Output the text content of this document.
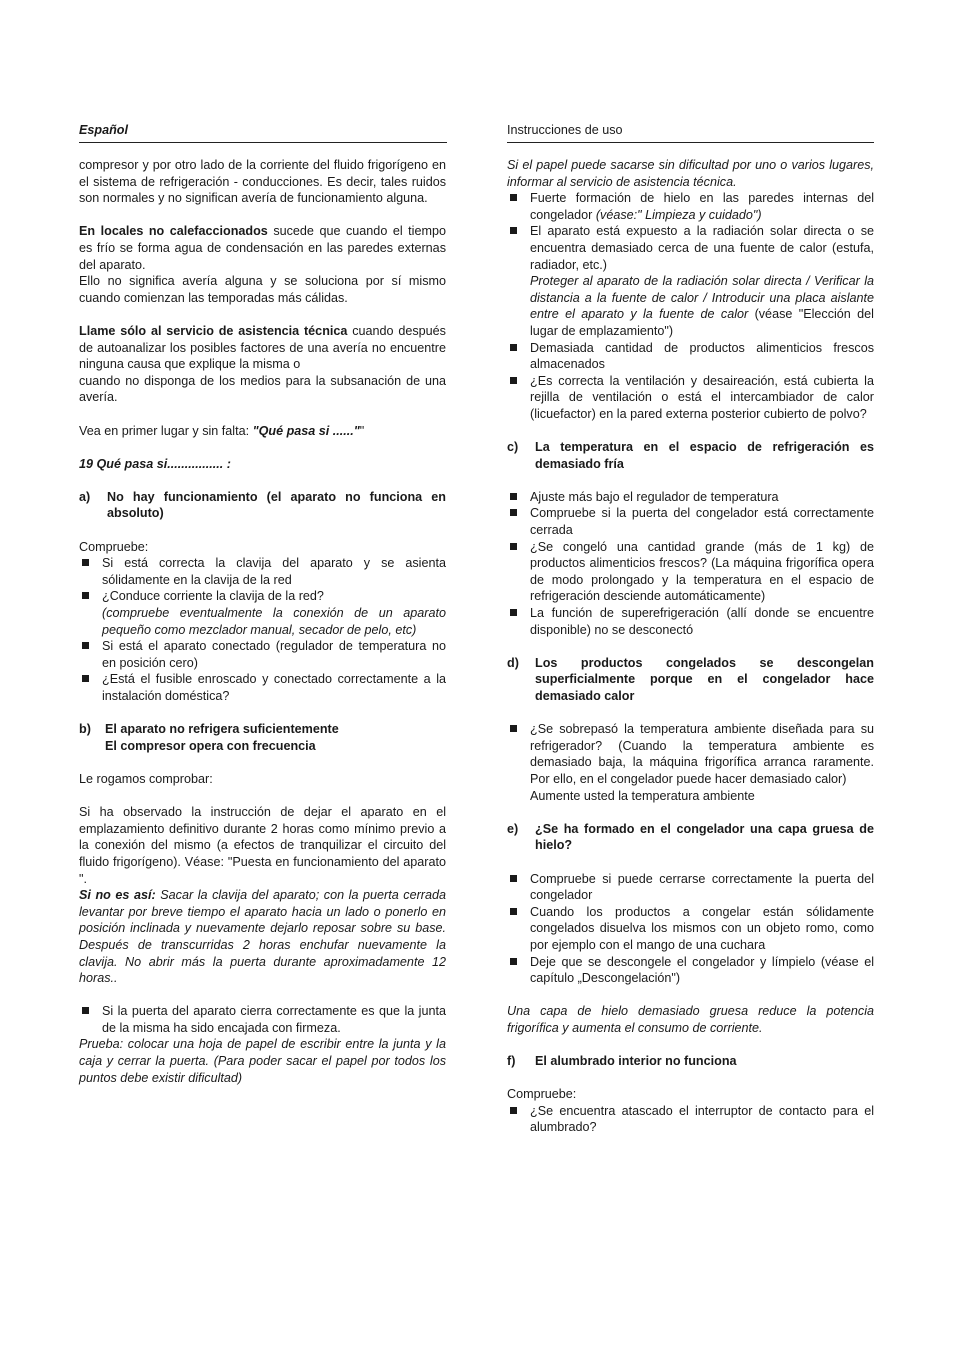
Español	Instrucciones de uso

compresor y por otro lado de la corriente del fluido frigorígeno en el sistema de refrigeración - conducciones. Es decir, tales ruidos son normales y no significan avería de funcionamiento alguna.

En locales no calefaccionados sucede que cuando el tiempo es frío se forma agua de condensación en las paredes externas del aparato.

Ello no significa avería alguna y se soluciona por sí mismo cuando comienzan las temporadas más cálidas.

Llame sólo al servicio de asistencia técnica cuando después de autoanalizar los posibles factores de una avería no encuentre ninguna causa que explique la misma o

cuando no disponga de los medios para la subsanación de una avería.

Vea en primer lugar y sin falta: "Qué pasa si ......""

19 Qué pasa si................ :

a)	No hay funcionamiento (el aparato no funciona en absoluto)

Compruebe:

Si está correcta la clavija del aparato y se asienta sólidamente en la clavija de la red
¿Conduce corriente la clavija de la red?
(compruebe eventualmente la conexión de un aparato pequeño como mezclador manual, secador de pelo, etc)
Si está el aparato conectado (regulador de temperatura no en posición cero)
¿Está el fusible enroscado y conectado correctamente a la instalación doméstica?
b)	El aparato no refrigera suficientemente
El compresor opera con frecuencia

Le rogamos comprobar:

Si ha observado la instrucción de dejar el aparato en el emplazamiento definitivo durante 2 horas como mínimo previo a la conexión del mismo (a efectos de tranquilizar el circuito del fluido frigorígeno). Véase: "Puesta en funcionamiento del aparato ".

Si no es así: Sacar la clavija del aparato; con la puerta cerrada levantar por breve tiempo el aparato hacia un lado o ponerlo en posición inclinada y nuevamente dejarlo reposar sobre su base. Después de transcurridas 2 horas enchufar nuevamente la clavija. No abrir más la puerta durante aproximadamente 12 horas..

Si la puerta del aparato cierra correctamente es que la junta de la misma ha sido encajada con firmeza.

Prueba: colocar una hoja de papel de escribir entre la junta y la caja y cerrar la puerta. (Para poder sacar el papel por todos los puntos debe existir dificultad)

Si el papel puede sacarse sin dificultad por uno o varios lugares, informar al servicio de asistencia técnica.

Fuerte formación de hielo en las paredes internas del congelador (véase:" Limpieza y cuidado")
El aparato está expuesto a la radiación solar directa o se encuentra demasiado cerca de una fuente de calor (estufa, radiador, etc.)
Proteger al aparato de la radiación solar directa / Verificar la distancia a la fuente de calor / Introducir una placa aislante entre el aparato y la fuente de calor (véase "Elección del lugar de emplazamiento")
Demasiada cantidad de productos alimenticios frescos almacenados
¿Es correcta la ventilación y desaireación, está cubierta la rejilla de ventilación o está el intercambiador de calor (licuefactor) en la pared externa posterior cubierto de polvo?
c)	La temperatura en el espacio de refrigeración es demasiado fría
Ajuste más bajo el regulador de temperatura
Compruebe si la puerta del congelador está correctamente cerrada
¿Se congeló una cantidad grande (más de 1 kg) de productos alimenticios frescos? (La máquina frigorífica opera de modo prolongado y la temperatura en el espacio de refrigeración desciende automáticamente)
La función de superefrigeración (allí donde se encuentre disponible) no se desconectó
d)	Los productos congelados se descongelan superficialmente porque en el congelador hace demasiado calor
¿Se sobrepasó la temperatura ambiente diseñada para su refrigerador? (Cuando la temperatura ambiente es demasiado baja, la máquina frigorífica arranca raramente. Por ello, en el congelador puede hacer demasiado calor)
Aumente usted la temperatura ambiente
e)	¿Se ha formado en el congelador una capa gruesa de hielo?
Compruebe si puede cerrarse correctamente la puerta del congelador
Cuando los productos a congelar están sólidamente congelados disuelva los mismos con un objeto romo, como por ejemplo con el mango de una cuchara
Deje que se descongele el congelador y límpielo (véase el capítulo „Descongelación")

Una capa de hielo demasiado gruesa reduce la potencia frigorífica y aumenta el consumo de corriente.

f)	El alumbrado interior no funciona

Compruebe:

¿Se encuentra atascado el interruptor de contacto para el alumbrado?
